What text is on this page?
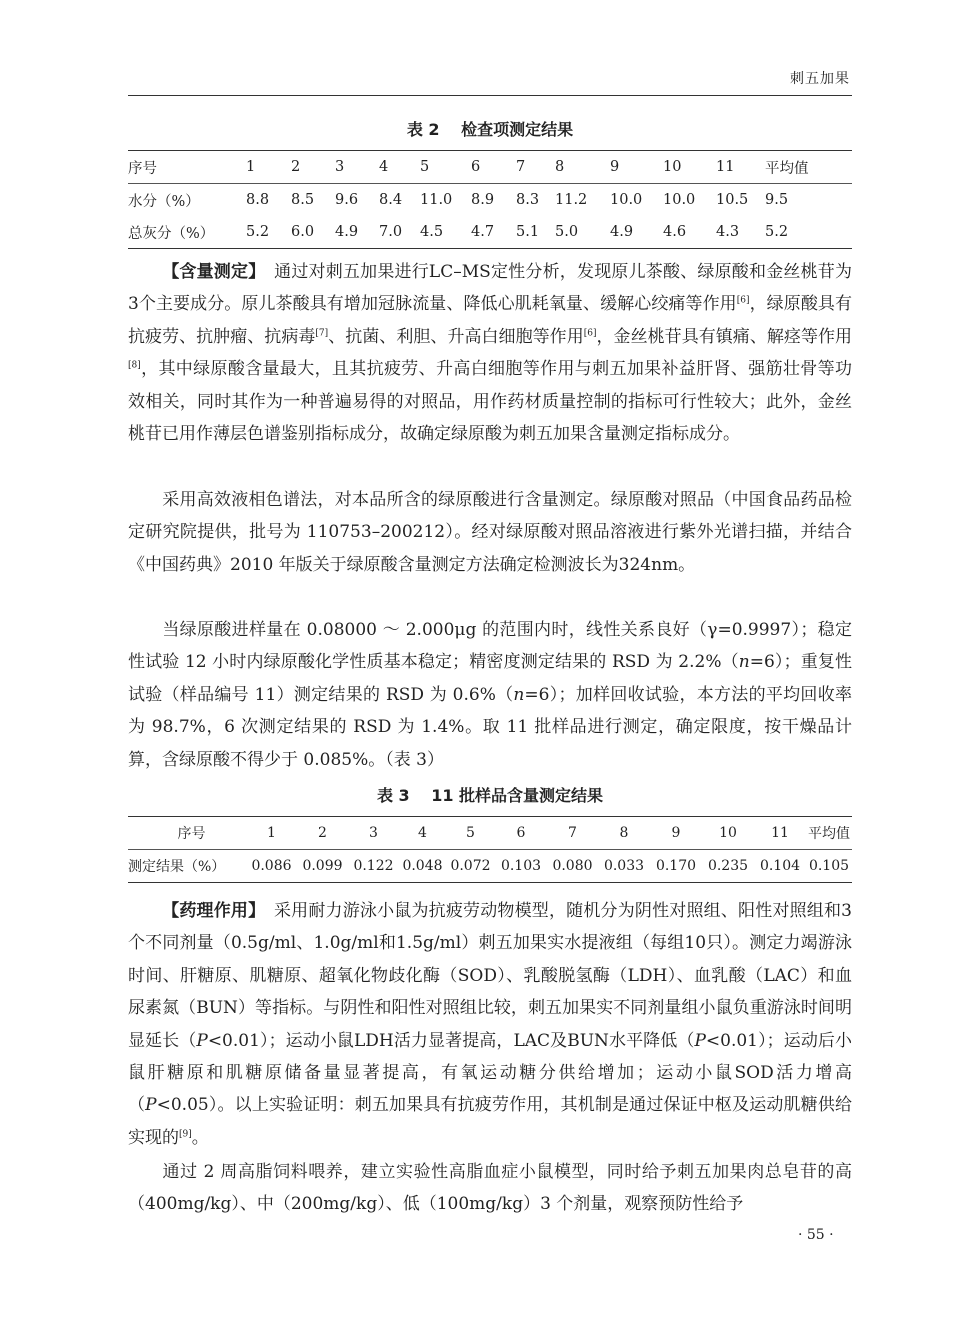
刺五加果
表 2　 检查项测定结果
序号	1	2	3	4	5	6	7	8	9	10	11	平均值
水分（%）	8.8	8.5	9.6	8.4	11.0	8.9	8.3	11.2	10.0	10.0	10.5	9.5
总灰分（%）	5.2	6.0	4.9	7.0	4.5	4.7	5.1	5.0	4.9	4.6	4.3	5.2

【含量测定】　通过对刺五加果进行LC–MS定性分析，发现原儿茶酸、绿原酸和金丝桃苷为3个主要成分。原儿茶酸具有增加冠脉流量、降低心肌耗氧量、缓解心绞痛等作用[6]，绿原酸具有抗疲劳、抗肿瘤、抗病毒[7]、抗菌、利胆、升高白细胞等作用[6]，金丝桃苷具有镇痛、解痉等作用[8]，其中绿原酸含量最大，且其抗疲劳、升高白细胞等作用与刺五加果补益肝肾、强筋壮骨等功效相关，同时其作为一种普遍易得的对照品，用作药材质量控制的指标可行性较大；此外，金丝桃苷已用作薄层色谱鉴别指标成分，故确定绿原酸为刺五加果含量测定指标成分。

采用高效液相色谱法，对本品所含的绿原酸进行含量测定。绿原酸对照品（中国食品药品检定研究院提供，批号为 110753–200212）。经对绿原酸对照品溶液进行紫外光谱扫描，并结合《中国药典》2010 年版关于绿原酸含量测定方法确定检测波长为324nm。

当绿原酸进样量在 0.08000 ～ 2.000μg 的范围内时，线性关系良好（γ=0.9997）；稳定性试验 12 小时内绿原酸化学性质基本稳定；精密度测定结果的 RSD 为 2.2%（n=6）；重复性试验（样品编号 11）测定结果的 RSD 为 0.6%（n=6）；加样回收试验，本方法的平均回收率为 98.7%，6 次测定结果的 RSD 为 1.4%。取 11 批样品进行测定，确定限度，按干燥品计算，含绿原酸不得少于 0.085%。（表 3）

表 3　 11 批样品含量测定结果
序号	1	2	3	4	5	6	7	8	9	10	11	平均值
测定结果（%）	0.086	0.099	0.122	0.048	0.072	0.103	0.080	0.033	0.170	0.235	0.104	0.105

【药理作用】　采用耐力游泳小鼠为抗疲劳动物模型，随机分为阴性对照组、阳性对照组和3个不同剂量（0.5g/ml、1.0g/ml和1.5g/ml）刺五加果实水提液组（每组10只）。测定力竭游泳时间、肝糖原、肌糖原、超氧化物歧化酶（SOD）、乳酸脱氢酶（LDH）、血乳酸（LAC）和血尿素氮（BUN）等指标。与阴性和阳性对照组比较，刺五加果实不同剂量组小鼠负重游泳时间明显延长（P<0.01）；运动小鼠LDH活力显著提高，LAC及BUN水平降低（P<0.01）；运动后小鼠肝糖原和肌糖原储备量显著提高，有氧运动糖分供给增加；运动小鼠SOD活力增高（P<0.05）。以上实验证明：刺五加果具有抗疲劳作用，其机制是通过保证中枢及运动肌糖供给实现的[9]。

通过 2 周高脂饲料喂养，建立实验性高脂血症小鼠模型，同时给予刺五加果肉总皂苷的高（400mg/kg）、中（200mg/kg）、低（100mg/kg）3 个剂量，观察预防性给予

· 55 ·
